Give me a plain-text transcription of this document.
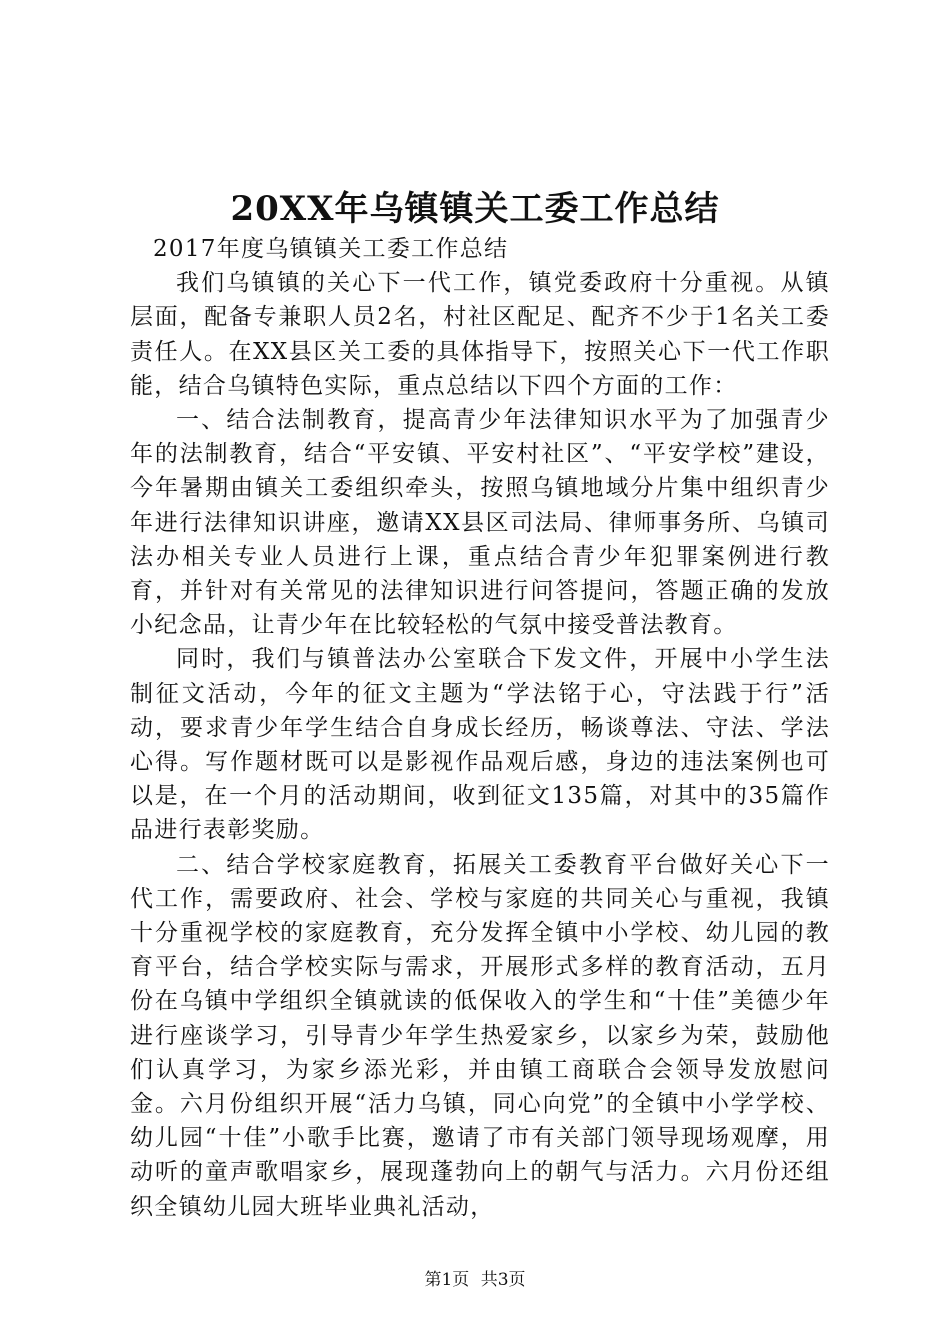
20XX年乌镇镇关工委工作总结

2017年度乌镇镇关工委工作总结

我们乌镇镇的关心下一代工作，镇党委政府十分重视。从镇层面，配备专兼职人员2名，村社区配足、配齐不少于1名关工委责任人。在XX县区关工委的具体指导下，按照关心下一代工作职能，结合乌镇特色实际，重点总结以下四个方面的工作：

一、结合法制教育，提高青少年法律知识水平为了加强青少年的法制教育，结合“平安镇、平安村社区”、“平安学校”建设，今年暑期由镇关工委组织牵头，按照乌镇地域分片集中组织青少年进行法律知识讲座，邀请XX县区司法局、律师事务所、乌镇司法办相关专业人员进行上课，重点结合青少年犯罪案例进行教育，并针对有关常见的法律知识进行问答提问，答题正确的发放小纪念品，让青少年在比较轻松的气氛中接受普法教育。

同时，我们与镇普法办公室联合下发文件，开展中小学生法制征文活动，今年的征文主题为“学法铭于心，守法践于行”活动，要求青少年学生结合自身成长经历，畅谈尊法、守法、学法心得。写作题材既可以是影视作品观后感，身边的违法案例也可以是，在一个月的活动期间，收到征文135篇，对其中的35篇作品进行表彰奖励。

二、结合学校家庭教育，拓展关工委教育平台做好关心下一代工作，需要政府、社会、学校与家庭的共同关心与重视，我镇十分重视学校的家庭教育，充分发挥全镇中小学校、幼儿园的教育平台，结合学校实际与需求，开展形式多样的教育活动，五月份在乌镇中学组织全镇就读的低保收入的学生和“十佳”美德少年进行座谈学习，引导青少年学生热爱家乡，以家乡为荣，鼓励他们认真学习，为家乡添光彩，并由镇工商联合会领导发放慰问金。六月份组织开展“活力乌镇，同心向党”的全镇中小学学校、幼儿园“十佳”小歌手比赛，邀请了市有关部门领导现场观摩，用动听的童声歌唱家乡，展现蓬勃向上的朝气与活力。六月份还组织全镇幼儿园大班毕业典礼活动，

第1页 共3页
